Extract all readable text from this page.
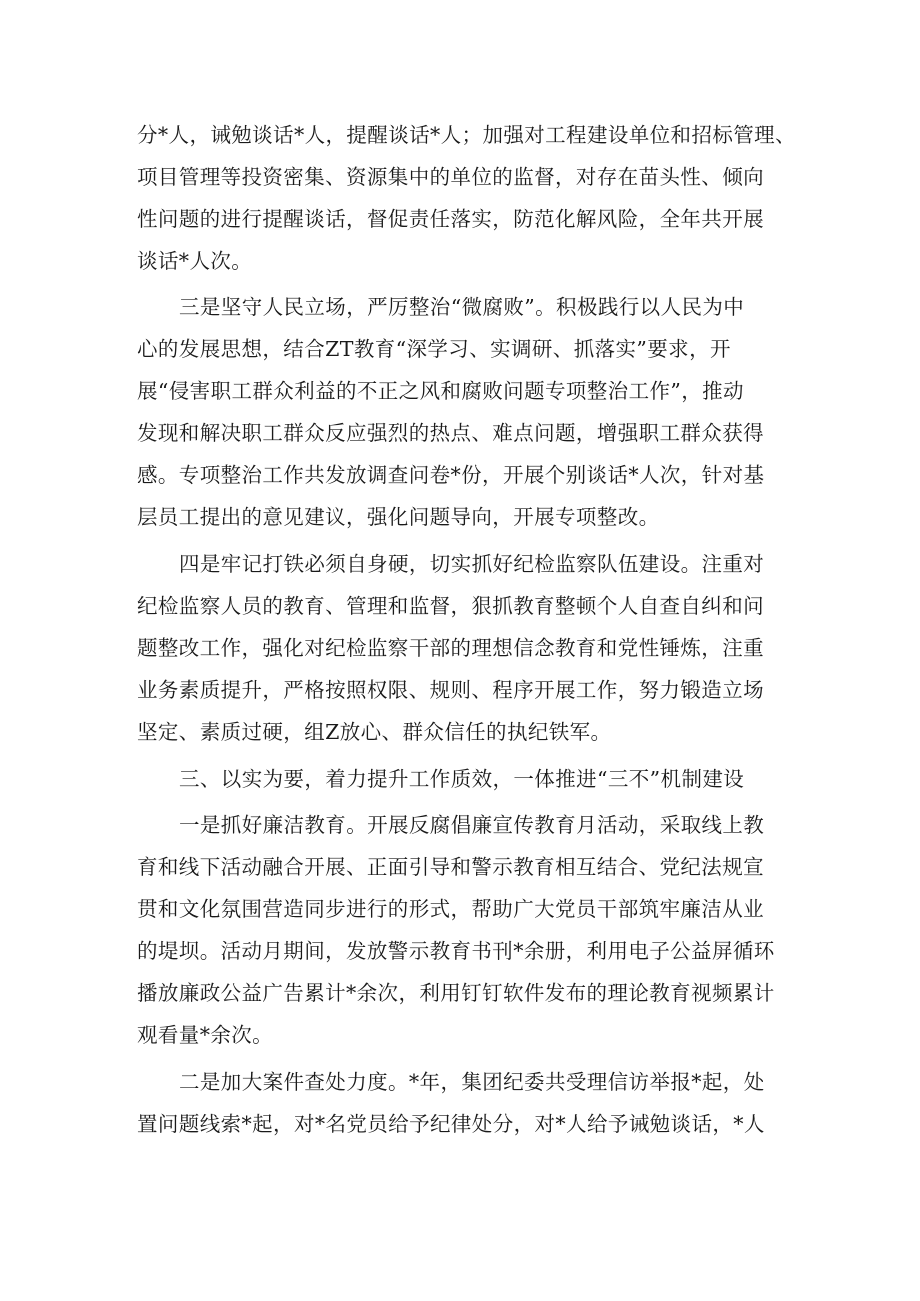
分*人，诫勉谈话*人，提醒谈话*人；加强对工程建设单位和招标管理、
项目管理等投资密集、资源集中的单位的监督，对存在苗头性、倾向
性问题的进行提醒谈话，督促责任落实，防范化解风险，全年共开展
谈话*人次。
三是坚守人民立场，严厉整治“微腐败”。积极践行以人民为中
心的发展思想，结合ZT教育“深学习、实调研、抓落实”要求，开
展“侵害职工群众利益的不正之风和腐败问题专项整治工作”，推动
发现和解决职工群众反应强烈的热点、难点问题，增强职工群众获得
感。专项整治工作共发放调查问卷*份，开展个别谈话*人次，针对基
层员工提出的意见建议，强化问题导向，开展专项整改。
四是牢记打铁必须自身硬，切实抓好纪检监察队伍建设。注重对
纪检监察人员的教育、管理和监督，狠抓教育整顿个人自查自纠和问
题整改工作，强化对纪检监察干部的理想信念教育和党性锤炼，注重
业务素质提升，严格按照权限、规则、程序开展工作，努力锻造立场
坚定、素质过硬，组Z放心、群众信任的执纪铁军。
三、以实为要，着力提升工作质效，一体推进“三不”机制建设
一是抓好廉洁教育。开展反腐倡廉宣传教育月活动，采取线上教
育和线下活动融合开展、正面引导和警示教育相互结合、党纪法规宣
贯和文化氛围营造同步进行的形式，帮助广大党员干部筑牢廉洁从业
的堤坝。活动月期间，发放警示教育书刊*余册，利用电子公益屏循环
播放廉政公益广告累计*余次，利用钉钉软件发布的理论教育视频累计
观看量*余次。
二是加大案件查处力度。*年，集团纪委共受理信访举报*起，处
置问题线索*起，对*名党员给予纪律处分，对*人给予诫勉谈话，*人
